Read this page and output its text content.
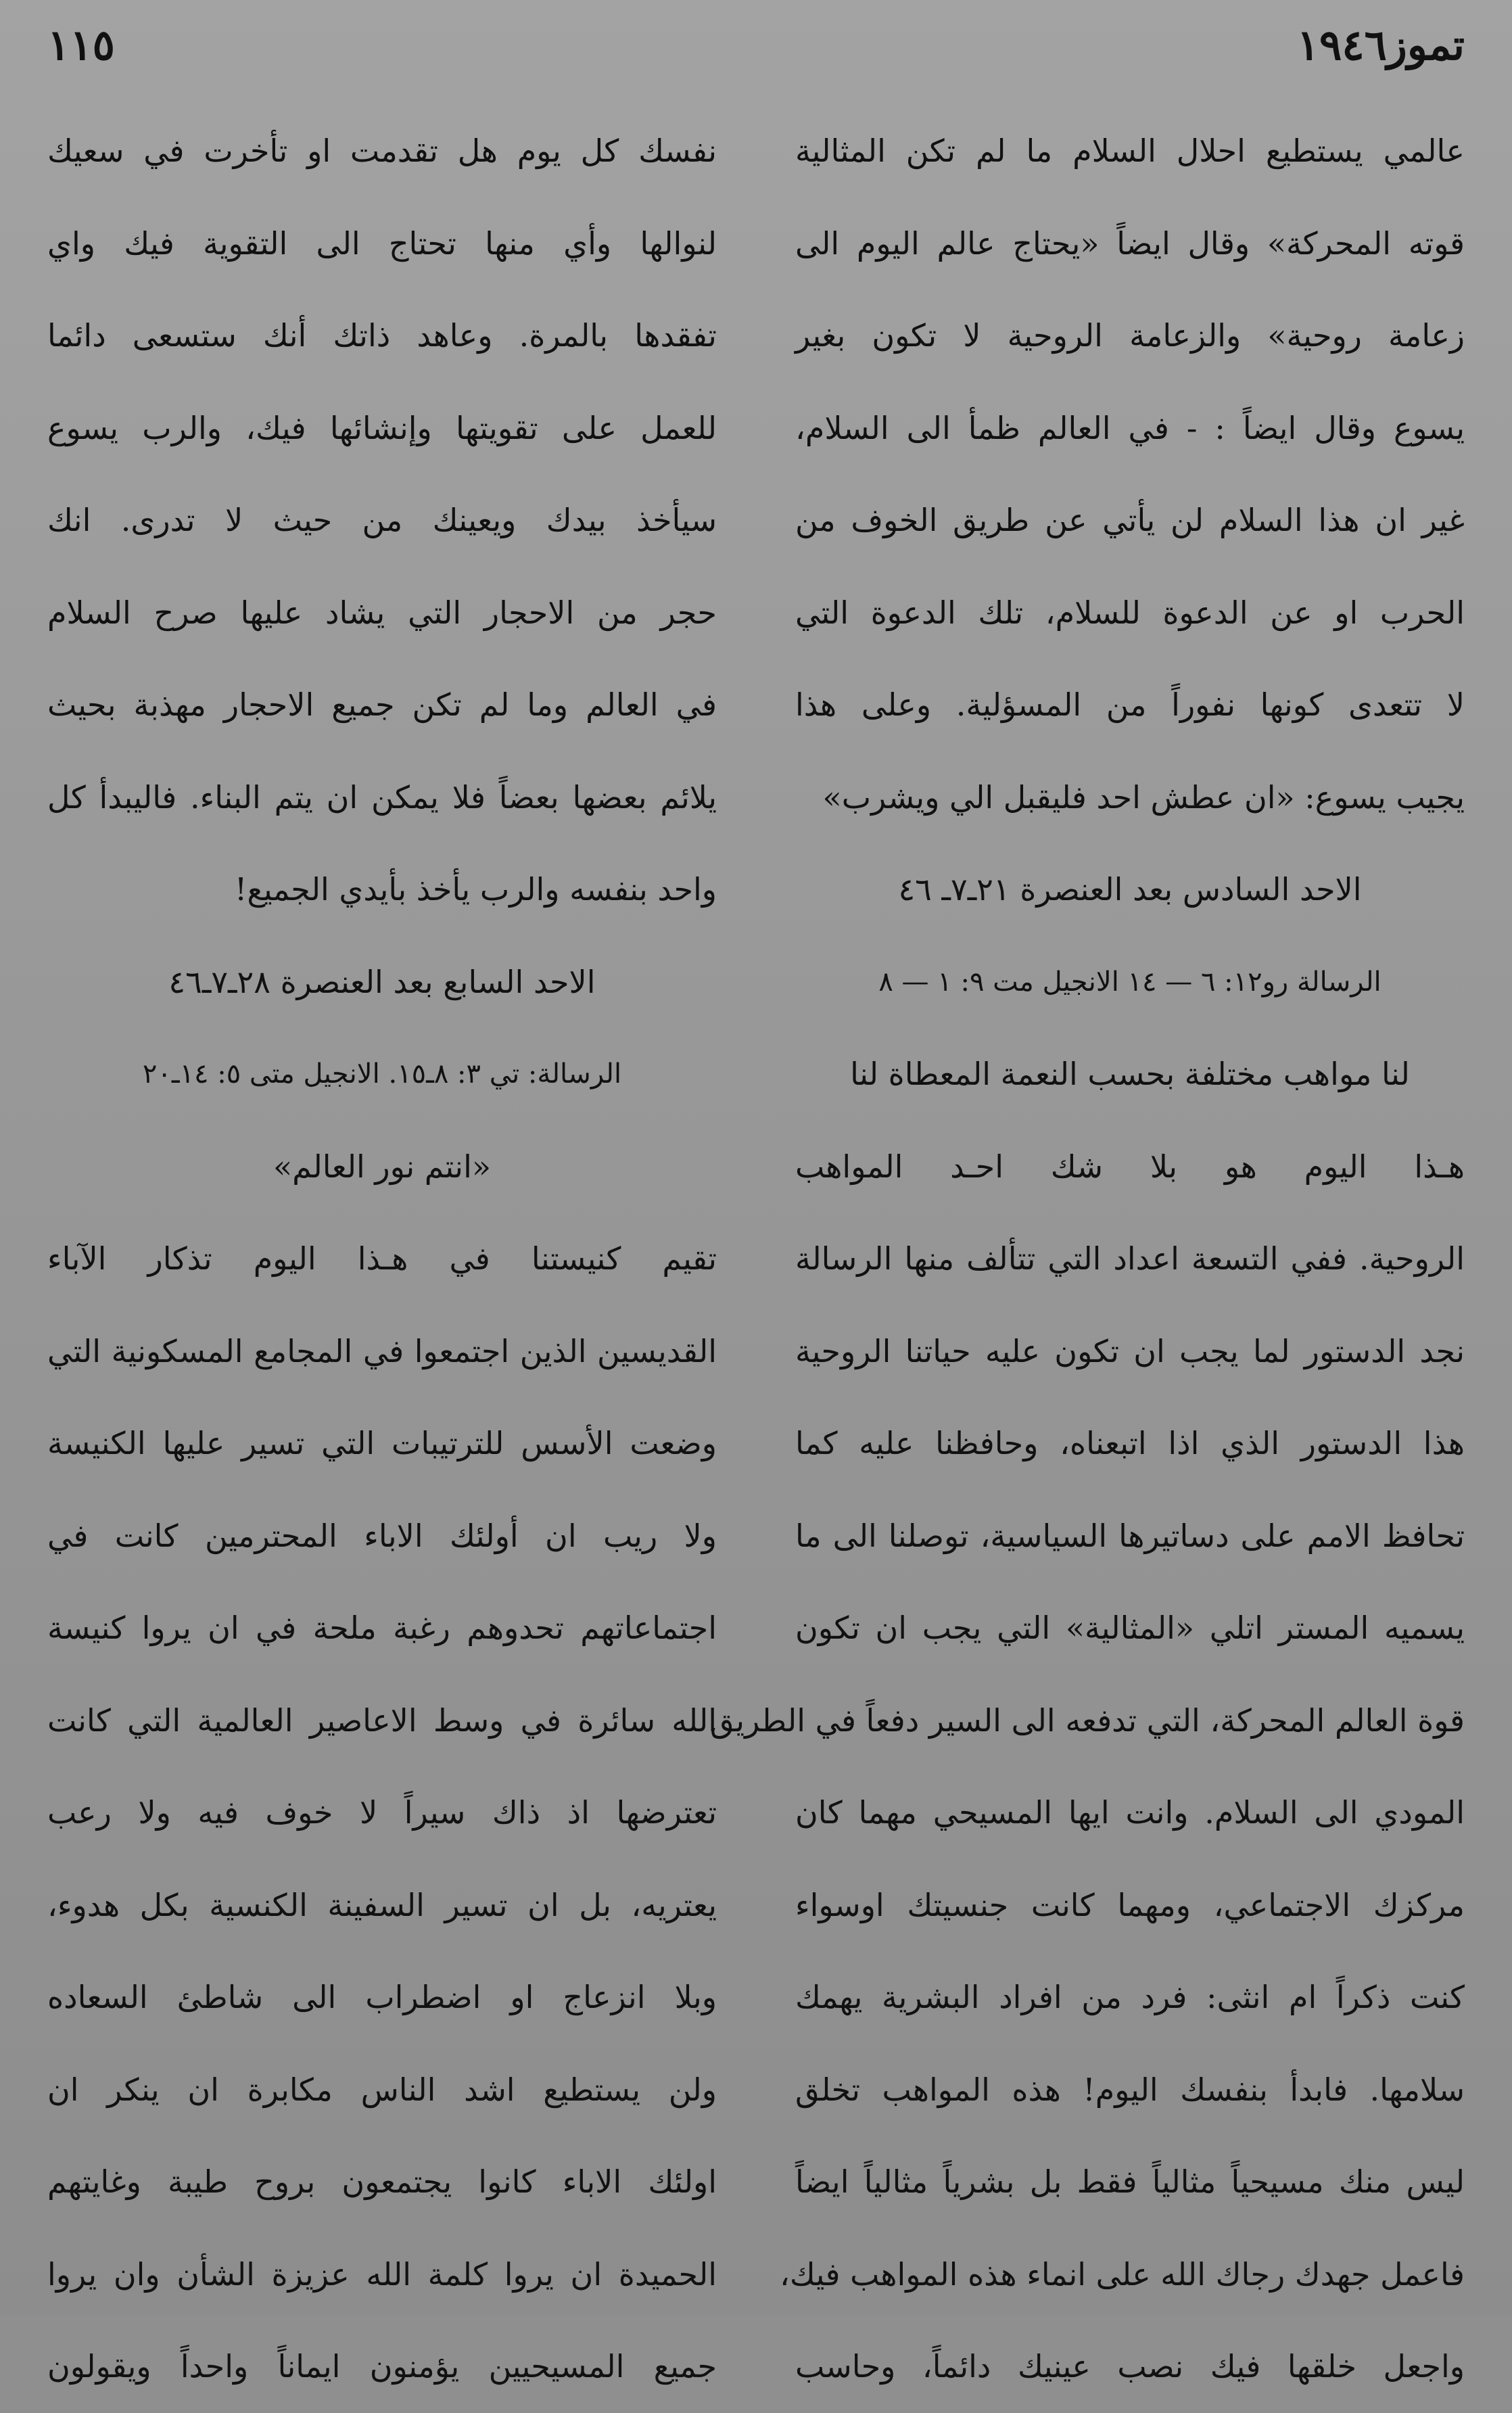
تموز١٩٤٦
١١٥
عالمي يستطيع احلال السلام ما لم تكن المثالية
قوته المحركة» وقال ايضاً «يحتاج عالم اليوم الى
زعامة روحية» والزعامة الروحية لا تكون بغير
يسوع وقال ايضاً : - في العالم ظمأ الى السلام،
غير ان هذا السلام لن يأتي عن طريق الخوف من
الحرب او عن الدعوة للسلام، تلك الدعوة التي
لا تتعدى كونها نفوراً من المسؤلية. وعلى هذا
يجيب يسوع: «ان عطش احد فليقبل الي ويشرب»
الاحد السادس بعد العنصرة ٢١ـ٧ـ ٤٦
الرسالة رو١٢: ٦ — ١٤ الانجيل مت ٩: ١ — ٨
لنا مواهب مختلفة بحسب النعمة المعطاة لنا
هـذا اليوم هو بلا شك احـد المواهب
الروحية. ففي التسعة اعداد التي تتألف منها الرسالة
نجد الدستور لما يجب ان تكون عليه حياتنا الروحية
هذا الدستور الذي اذا اتبعناه، وحافظنا عليه كما
تحافظ الامم على دساتيرها السياسية، توصلنا الى ما
يسميه المستر اتلي «المثالية» التي يجب ان تكون
قوة العالم المحركة، التي تدفعه الى السير دفعاً في الطريق
المودي الى السلام. وانت ايها المسيحي مهما كان
مركزك الاجتماعي، ومهما كانت جنسيتك اوسواء
كنت ذكراً ام انثى: فرد من افراد البشرية يهمك
سلامها. فابدأ بنفسك اليوم! هذه المواهب تخلق
ليس منك مسيحياً مثالياً فقط بل بشرياً مثالياً ايضاً
فاعمل جهدك رجاك الله على انماء هذه المواهب فيك،
واجعل خلقها فيك نصب عينيك دائماً، وحاسب
نفسك كل يوم هل تقدمت او تأخرت في سعيك
لنوالها وأي منها تحتاج الى التقوية فيك واي
تفقدها بالمرة. وعاهد ذاتك أنك ستسعى دائما
للعمل على تقويتها وإنشائها فيك، والرب يسوع
سيأخذ بيدك ويعينك من حيث لا تدرى. انك
حجر من الاحجار التي يشاد عليها صرح السلام
في العالم وما لم تكن جميع الاحجار مهذبة بحيث
يلائم بعضها بعضاً فلا يمكن ان يتم البناء. فاليبدأ كل
واحد بنفسه والرب يأخذ بأيدي الجميع!
الاحد السابع بعد العنصرة ٢٨ـ٧ـ٤٦
الرسالة: تي ٣: ٨ـ١٥. الانجيل متى ٥: ١٤ـ٢٠
«انتم نور العالم»
تقيم كنيستنا في هـذا اليوم تذكار الآباء
القديسين الذين اجتمعوا في المجامع المسكونية التي
وضعت الأسس للترتيبات التي تسير عليها الكنيسة
ولا ريب ان أولئك الاباء المحترمين كانت في
اجتماعاتهم تحدوهم رغبة ملحة في ان يروا كنيسة
الله سائرة في وسط الاعاصير العالمية التي كانت
تعترضها اذ ذاك سيراً لا خوف فيه ولا رعب
يعتريه، بل ان تسير السفينة الكنسية بكل هدوء،
وبلا انزعاج او اضطراب الى شاطئ السعاده
ولن يستطيع اشد الناس مكابرة ان ينكر ان
اولئك الاباء كانوا يجتمعون بروح طيبة وغايتهم
الحميدة ان يروا كلمة الله عزيزة الشأن وان يروا
جميع المسيحيين يؤمنون ايماناً واحداً ويقولون
